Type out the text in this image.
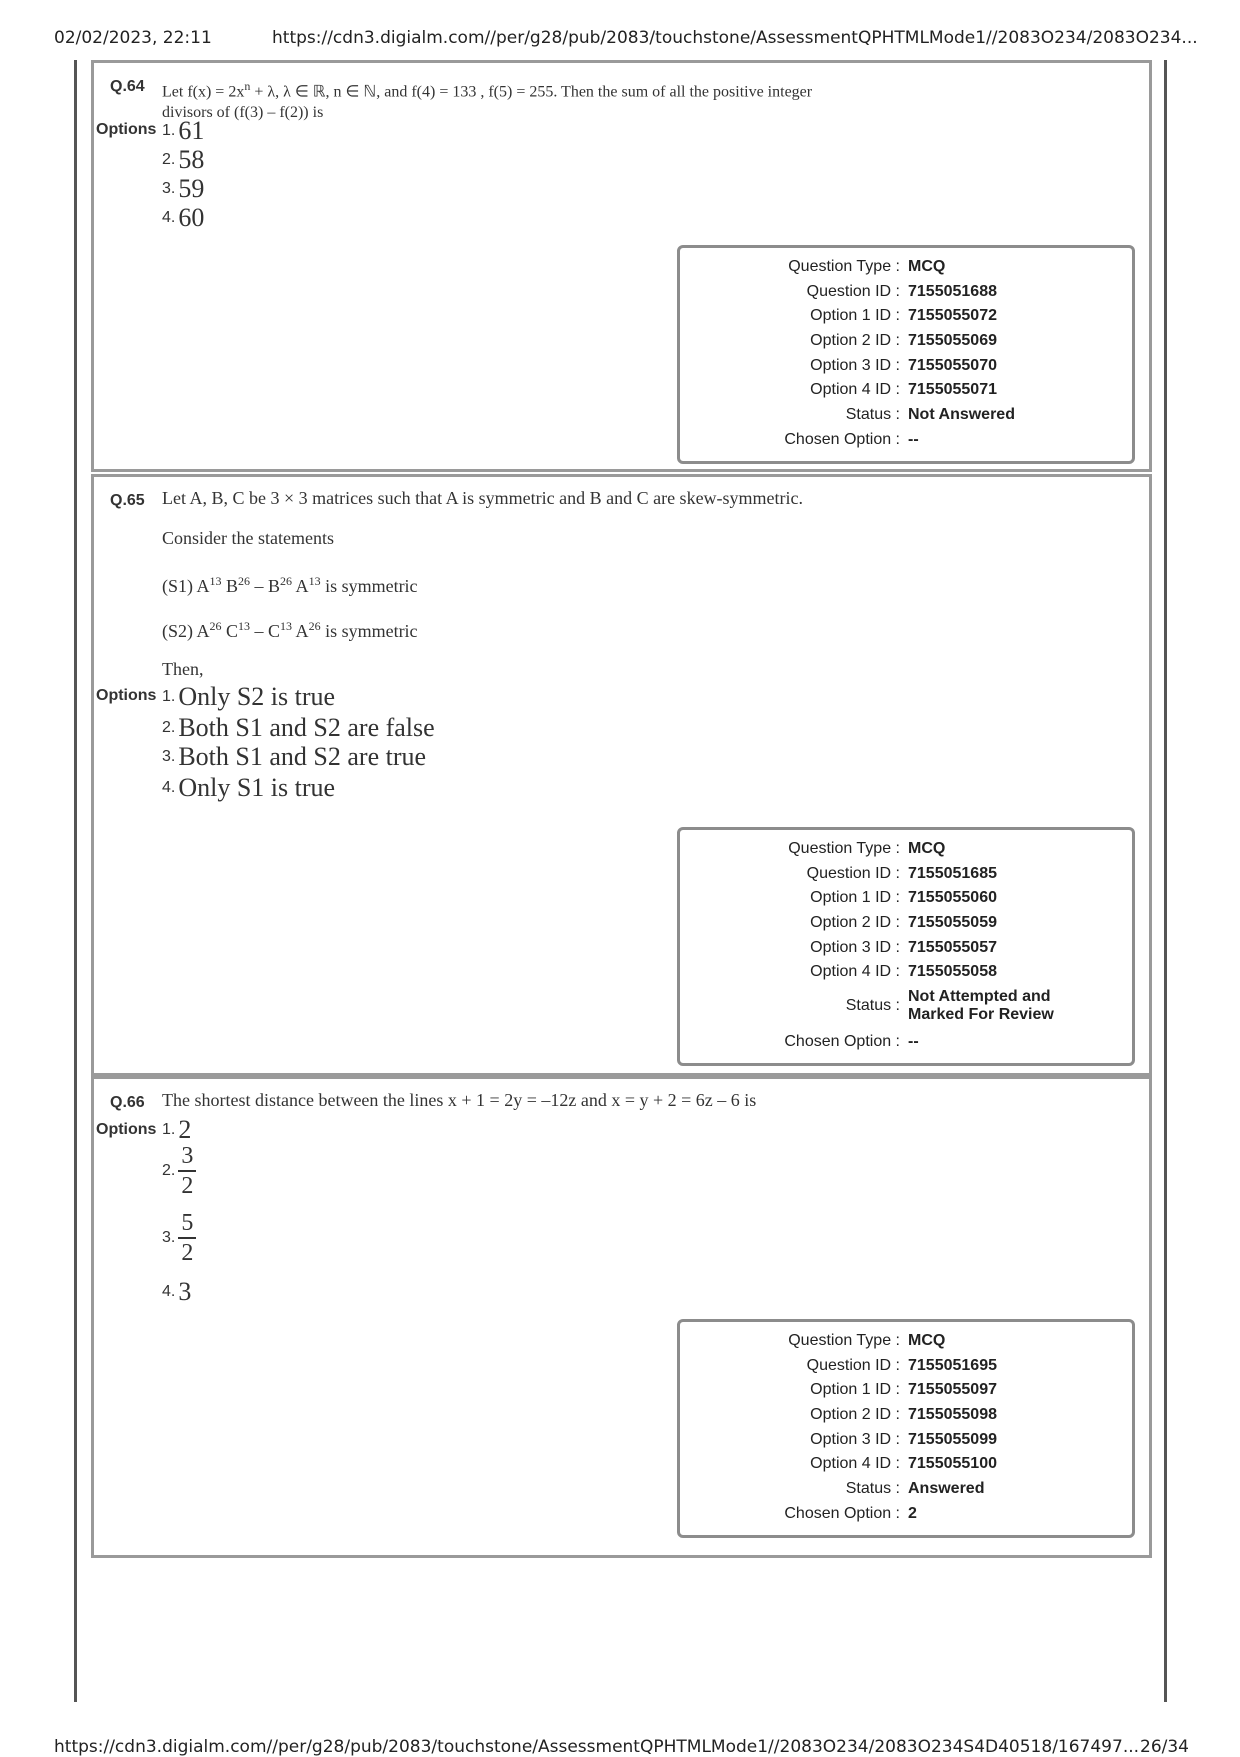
02/02/2023, 22:11	https://cdn3.digialm.com//per/g28/pub/2083/touchstone/AssessmentQPHTMLMode1//2083O234/2083O234...
Q.64 Let $f(x) = 2x^n + \lambda$, λ ∈ ℝ, n ∈ ℕ, and f(4) = 133 , f(5) = 255. Then the sum of all the positive integer
divisors of (f(3) – f(2)) is
Options 1. 61
2. 58
3. 59
4. 60
Question Type : MCQ
Question ID : 7155051688
Option 1 ID : 7155055072
Option 2 ID : 7155055069
Option 3 ID : 7155055070
Option 4 ID : 7155055071
Status : Not Answered
Chosen Option : --
Q.65 Let A, B, C be 3 × 3 matrices such that A is symmetric and B and C are skew-symmetric.
Consider the statements
(S1) $A^{13}$ $B^{26} - B^{26}$ $A^{13}$ is symmetric
(S2) $A^{26}$ $C^{13} - C^{13}$ $A^{26}$ is symmetric
Then,
Options 1. Only S2 is true
2. Both S1 and S2 are false
3. Both S1 and S2 are true
4. Only S1 is true
Question Type : MCQ
Question ID : 7155051685
Option 1 ID : 7155055060
Option 2 ID : 7155055059
Option 3 ID : 7155055057
Option 4 ID : 7155055058
Status :
Not Attempted and
Marked For Review
Chosen Option : --
Q.66 The shortest distance between the lines x + 1 = 2y = –12z and x = y + 2 = 6z – 6 is
Options 1. 2
2. $\frac{3}{2}$
3. $\frac{5}{2}$
4. 3
Question Type : MCQ
Question ID : 7155051695
Option 1 ID : 7155055097
Option 2 ID : 7155055098
Option 3 ID : 7155055099
Option 4 ID : 7155055100
Status : Answered
Chosen Option : 2
https://cdn3.digialm.com//per/g28/pub/2083/touchstone/AssessmentQPHTMLMode1//2083O234/2083O234S4D40518/167497... 26/34
